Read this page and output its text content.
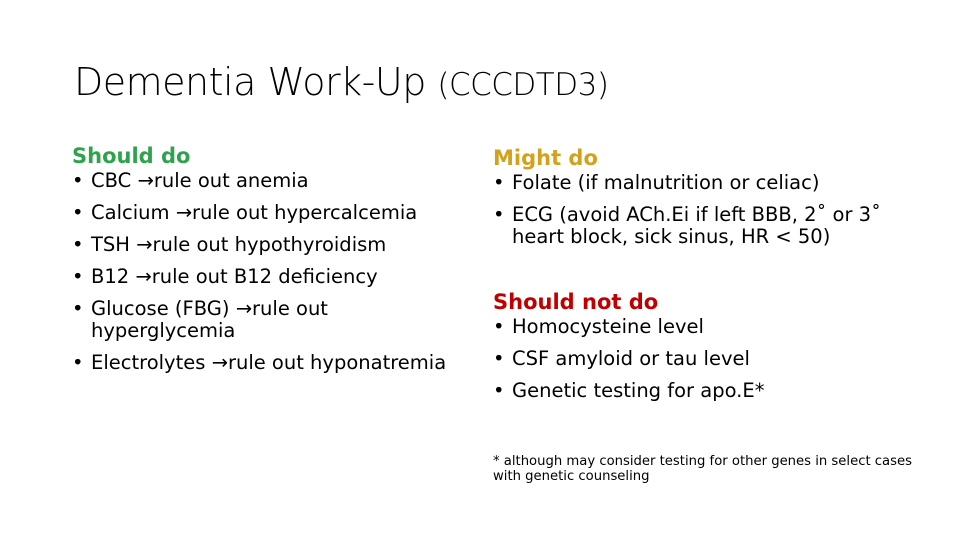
Dementia Work-Up (CCCDTD3)
Should do
• CBC →rule out anemia
• Calcium →rule out hypercalcemia
• TSH →rule out hypothyroidism
• B12 →rule out B12 deficiency
• Glucose (FBG) →rule out hyperglycemia
• Electrolytes →rule out hyponatremia
Might do
• Folate (if malnutrition or celiac)
• ECG (avoid ACh.Ei if left BBB, 2˚ or 3˚ heart block, sick sinus, HR < 50)
Should not do
• Homocysteine level
• CSF amyloid or tau level
• Genetic testing for apo.E*
* although may consider testing for other genes in select cases with genetic counseling
